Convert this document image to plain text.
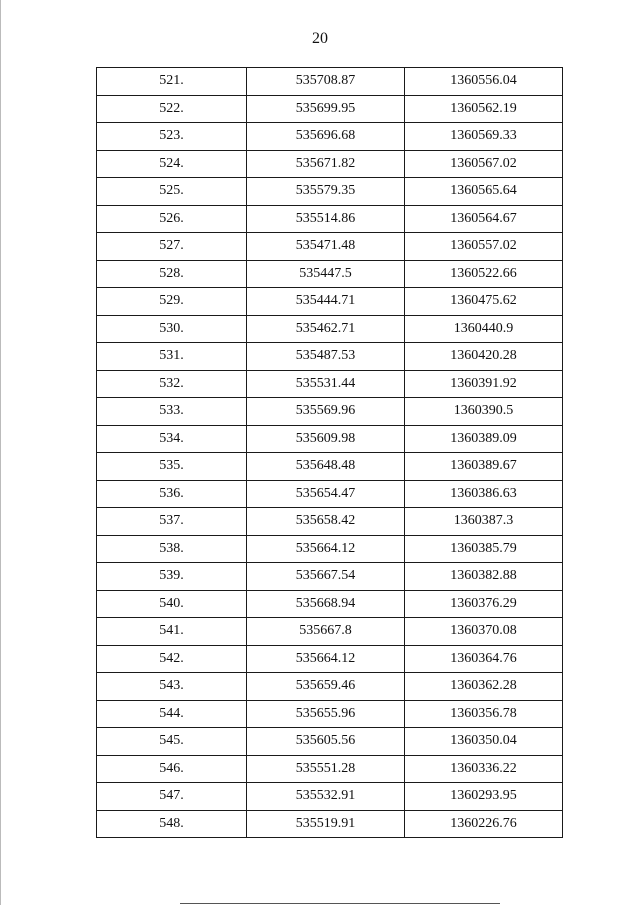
20
521.	535708.87	1360556.04
522.	535699.95	1360562.19
523.	535696.68	1360569.33
524.	535671.82	1360567.02
525.	535579.35	1360565.64
526.	535514.86	1360564.67
527.	535471.48	1360557.02
528.	535447.5	1360522.66
529.	535444.71	1360475.62
530.	535462.71	1360440.9
531.	535487.53	1360420.28
532.	535531.44	1360391.92
533.	535569.96	1360390.5
534.	535609.98	1360389.09
535.	535648.48	1360389.67
536.	535654.47	1360386.63
537.	535658.42	1360387.3
538.	535664.12	1360385.79
539.	535667.54	1360382.88
540.	535668.94	1360376.29
541.	535667.8	1360370.08
542.	535664.12	1360364.76
543.	535659.46	1360362.28
544.	535655.96	1360356.78
545.	535605.56	1360350.04
546.	535551.28	1360336.22
547.	535532.91	1360293.95
548.	535519.91	1360226.76
